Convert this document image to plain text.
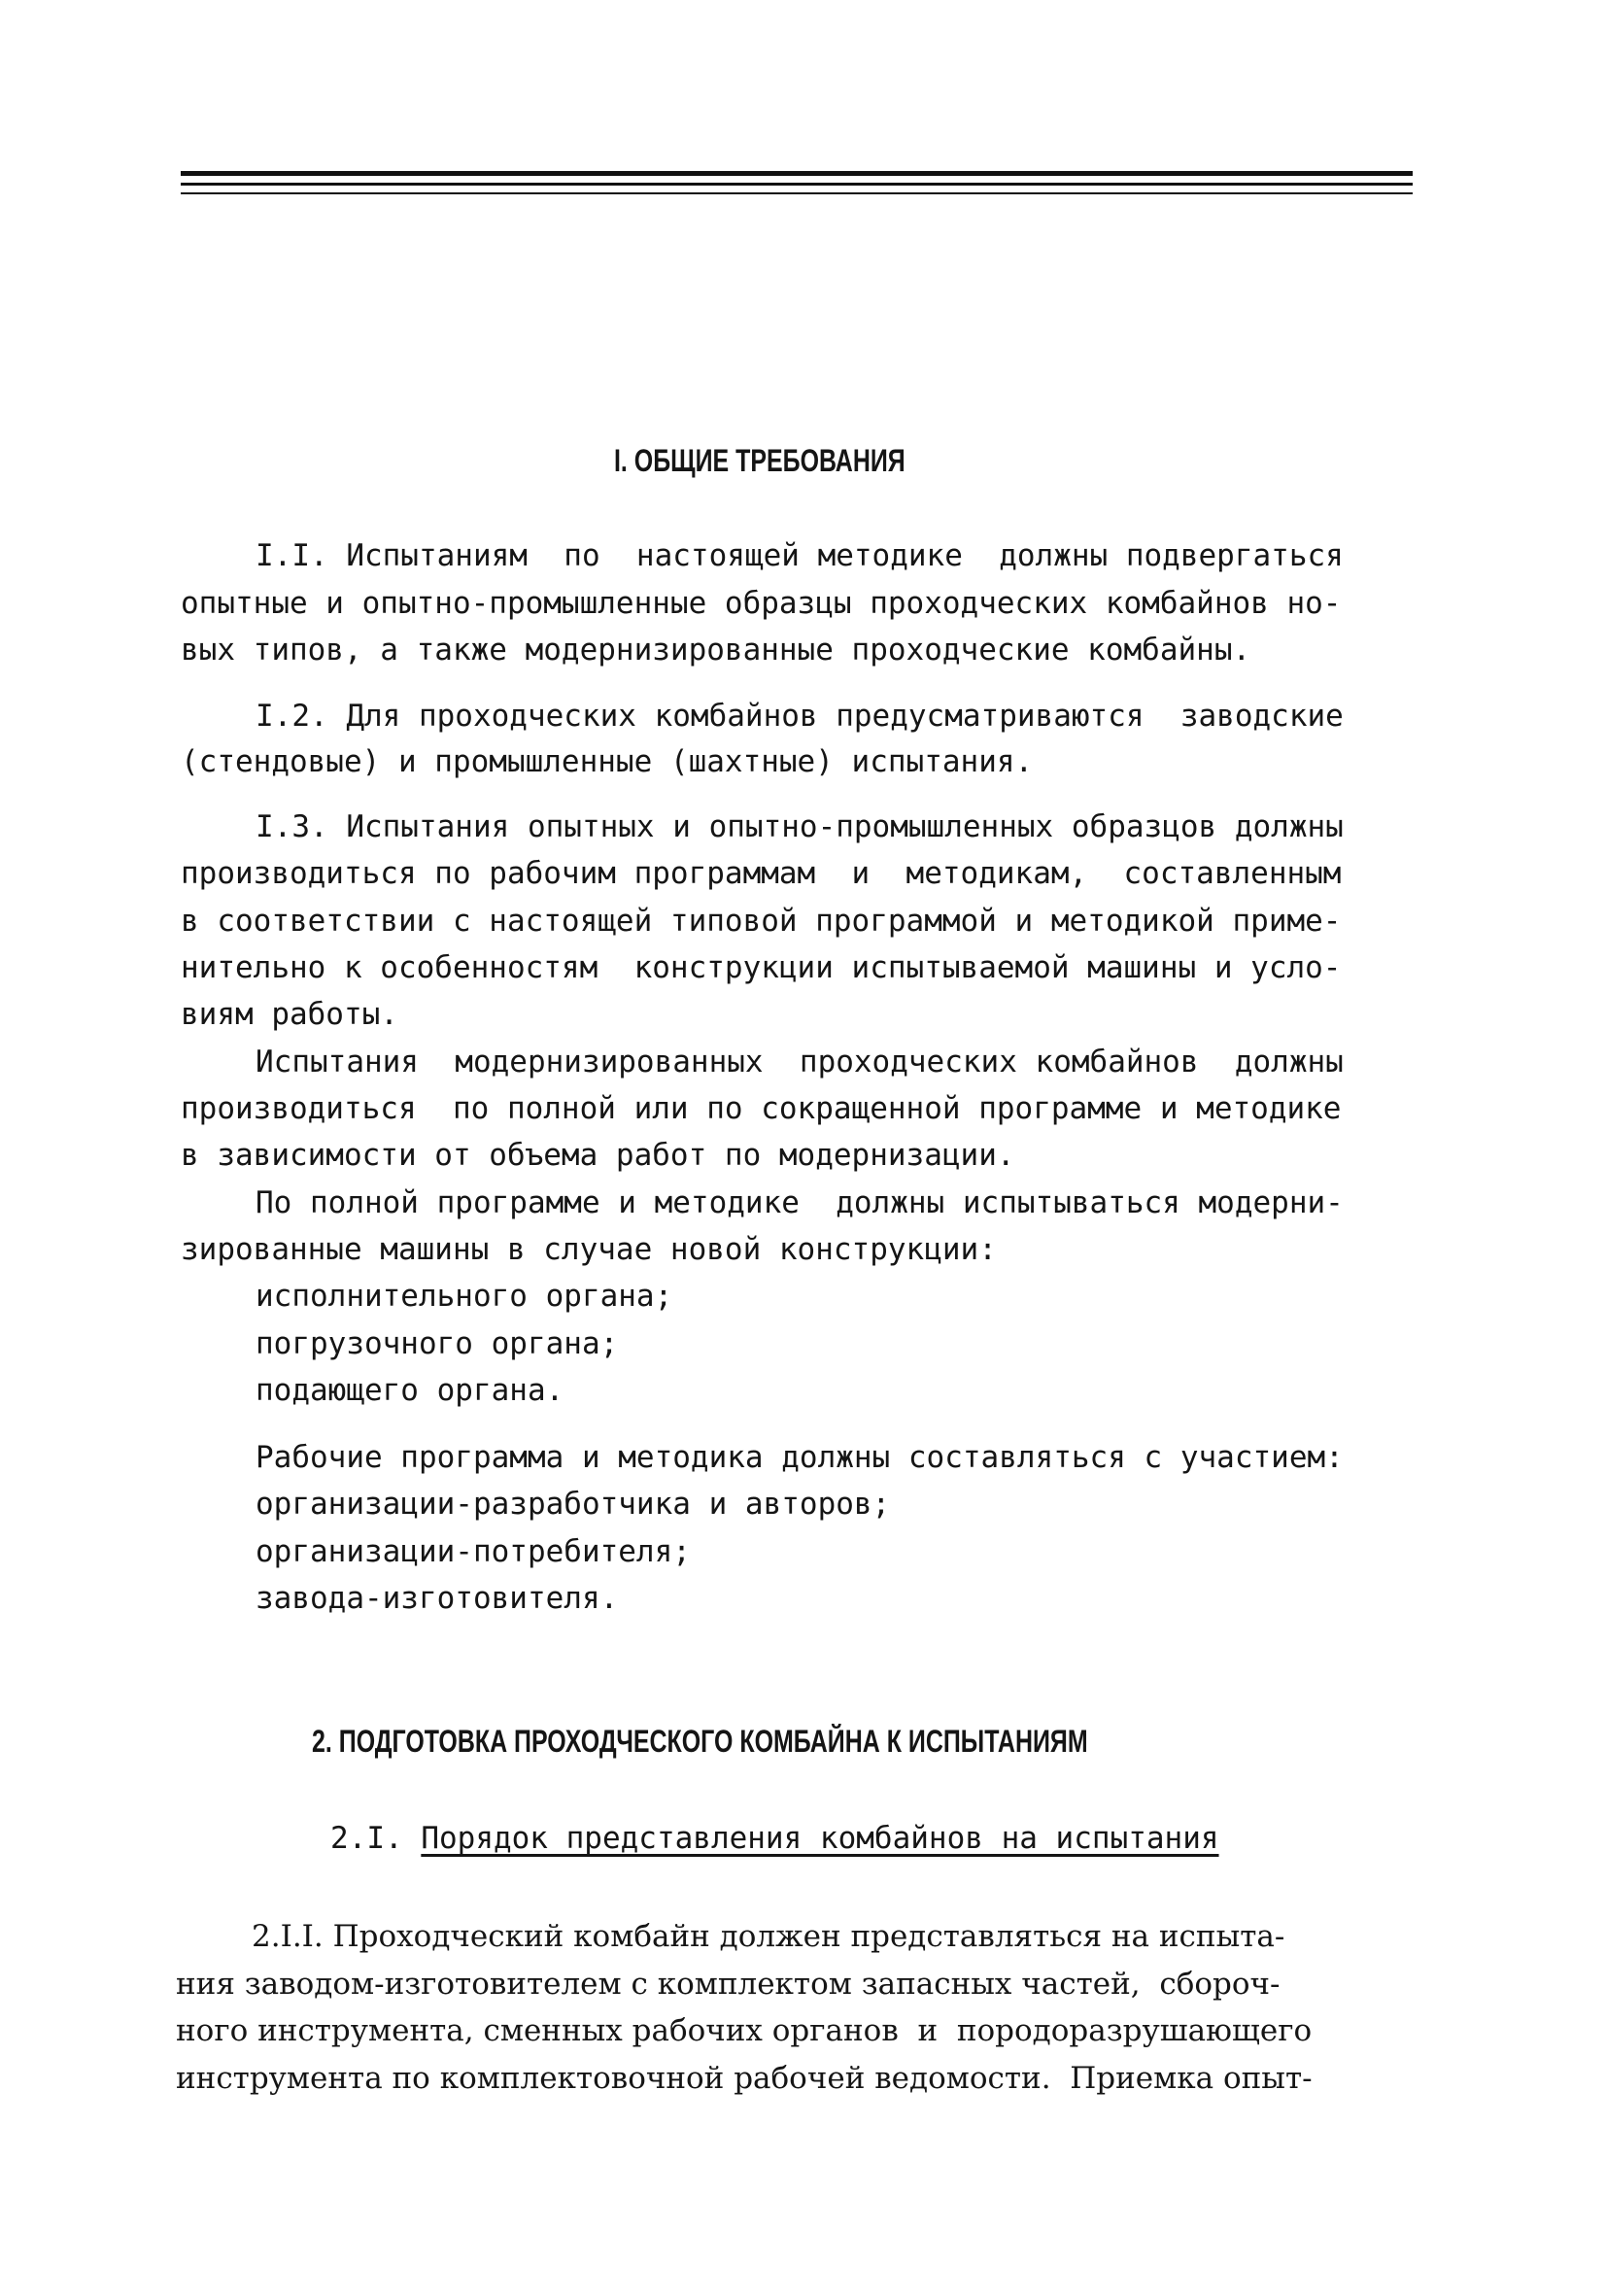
I. ОБЩИЕ ТРЕБОВАНИЯ
I.I. Испытаниям  по  настоящей методике  должны подвергаться
опытные и опытно-промышленные образцы проходческих комбайнов но-
вых типов, а также модернизированные проходческие комбайны.
I.2. Для проходческих комбайнов предусматриваются  заводские
(стендовые) и промышленные (шахтные) испытания.
I.3. Испытания опытных и опытно-промышленных образцов должны
производиться по рабочим программам  и  методикам,  составленным
в соответствии с настоящей типовой программой и методикой приме-
нительно к особенностям  конструкции испытываемой машины и усло-
виям работы.
Испытания  модернизированных  проходческих комбайнов  должны
производиться  по полной или по сокращенной программе и методике
в зависимости от объема работ по модернизации.
По полной программе и методике  должны испытываться модерни-
зированные машины в случае новой конструкции:
исполнительного органа;
погрузочного органа;
подающего органа.
Рабочие программа и методика должны составляться с участием:
организации-разработчика и авторов;
организации-потребителя;
завода-изготовителя.
2. ПОДГОТОВКА ПРОХОДЧЕСКОГО КОМБАЙНА К ИСПЫТАНИЯМ
2.I. Порядок представления комбайнов на испытания
2.I.I. Проходческий комбайн должен представляться на испыта-
ния заводом-изготовителем с комплектом запасных частей,  сбороч-
ного инструмента, сменных рабочих органов  и  породоразрушающего
инструмента по комплектовочной рабочей ведомости.  Приемка опыт-
